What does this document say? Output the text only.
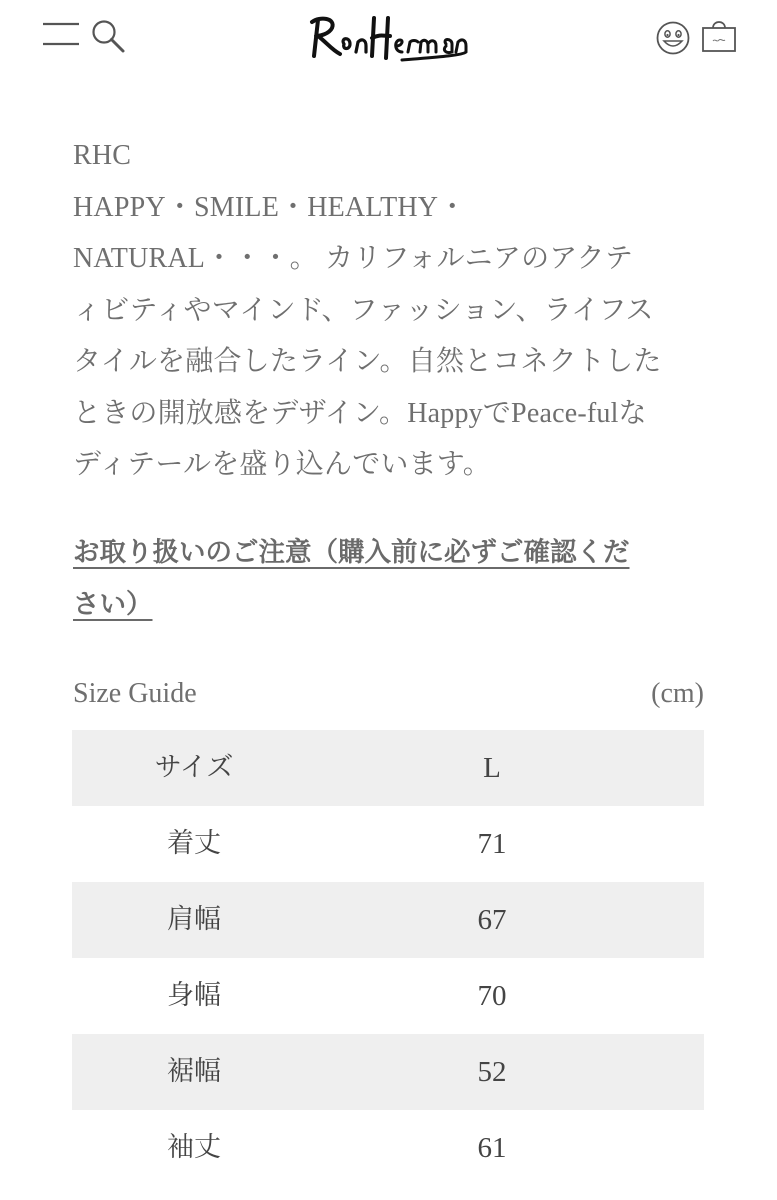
RHC
HAPPY・SMILE・HEALTHY・
NATURAL・・・。 カリフォルニアのアクテ
ィビティやマインド、ファッション、ライフス
タイルを融合したライン。自然とコネクトした
ときの開放感をデザイン。HappyでPeace-fulな
ディテールを盛り込んでいます。
お取り扱いのご注意（購入前に必ずご確認くだ
さい）
Size Guide	(cm)
サイズ	L
着丈	71
肩幅	67
身幅	70
裾幅	52
袖丈	61
